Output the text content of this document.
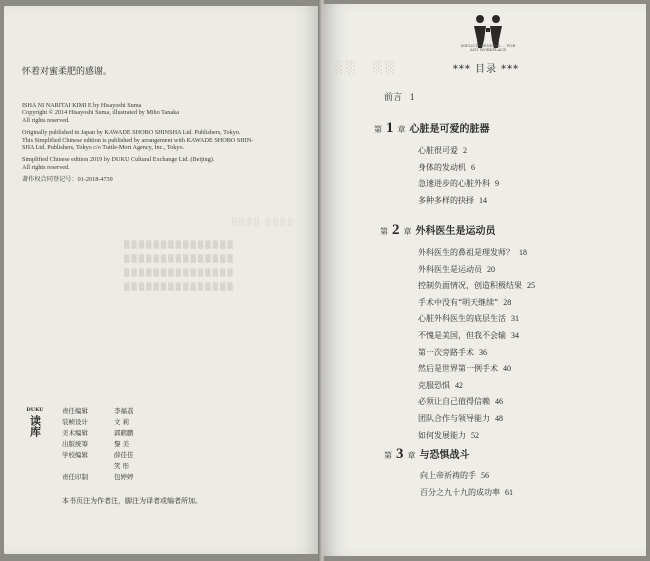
怀着对蜜柔肥的感谢。

ISHA NI NARITAI KIMI E by Hisayoshi Suma
Copyright © 2014 Hisayoshi Suma, illustrated by Miho Tanaka
All rights reserved.

Originally published in Japan by KAWADE SHOBO SHINSHA Ltd. Publishers, Tokyo.
This Simplified Chinese edition is published by arrangement with KAWADE SHOBO SHIN-
SHA Ltd. Publishers, Tokyo c/o Tuttle-Mori Agency, Inc., Tokyo.

Simplified Chinese edition 2019 by DUKU Cultural Exchange Ltd. (Beijing).
All rights reserved.

著作权合同登记号：01-2018-4739

░░░░ ░░░░
▒▒▒▒▒▒▒▒▒▒▒▒▒▒▒
▒▒▒▒▒▒▒▒▒▒▒▒▒▒▒
▒▒▒▒▒▒▒▒▒▒▒▒▒▒▒
▒▒▒▒▒▒▒▒▒▒▒▒▒▒▒
DUKU
读库
责任编辑	李福荔
装帧设计	文 莉
美术编辑	郭鹤鹏
出版统筹	黎 美
学校编辑	薛佳佳
笑 彤
责任印制	包婷婷
本书页注为作者注，脚注为译者或编者所加。
░░　░░
IMPLICIT GENERAL ... FOR ANY WORKPLACE
*** 目录 ***
前言 1
第 1 章 心脏是可爱的脏器
心脏很可爱 2
身体的发动机 6
急速进步的心脏外科 9
多种多样的抉择 14
第 2 章 外科医生是运动员
外科医生的鼻祖是理发师？ 18
外科医生是运动员 20
控制负面情况，创造积极结果 25
手术中没有“明天继续” 28
心脏外科医生的底层生活 31
不愧是美国，但我不会输 34
第一次旁路手术 36
然后是世界第一例手术 40
克服恐惧 42
必须让自己值得信赖 46
团队合作与领导能力 48
如何发展能力 52
第 3 章 与恐惧战斗
向上帝祈祷的手 56
百分之九十九的成功率 61
